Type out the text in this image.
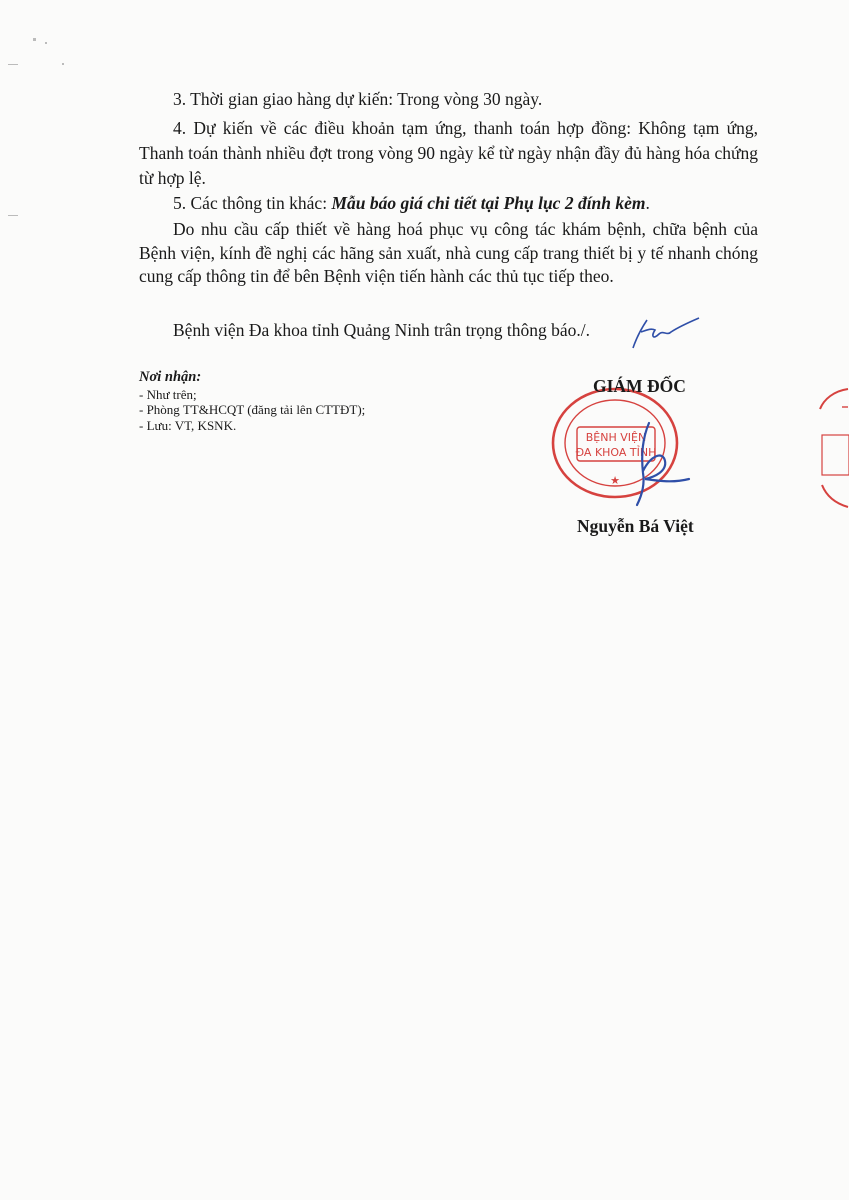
3. Thời gian giao hàng dự kiến: Trong vòng 30 ngày.

4. Dự kiến về các điều khoản tạm ứng, thanh toán hợp đồng: Không tạm ứng, Thanh toán thành nhiều đợt trong vòng 90 ngày kể từ ngày nhận đầy đủ hàng hóa chứng từ hợp lệ.

5. Các thông tin khác: Mẫu báo giá chi tiết tại Phụ lục 2 đính kèm.

Do nhu cầu cấp thiết về hàng hoá phục vụ công tác khám bệnh, chữa bệnh của Bệnh viện, kính đề nghị các hãng sản xuất, nhà cung cấp trang thiết bị y tế nhanh chóng cung cấp thông tin để bên Bệnh viện tiến hành các thủ tục tiếp theo.

Bệnh viện Đa khoa tỉnh Quảng Ninh trân trọng thông báo./.

Nơi nhận:
- Như trên;
- Phòng TT&HCQT (đăng tải lên CTTĐT);
- Lưu: VT, KSNK.
BỆNH VIỆN
ĐA KHOA TỈNH
★
GIÁM ĐỐC
Nguyễn Bá Việt
